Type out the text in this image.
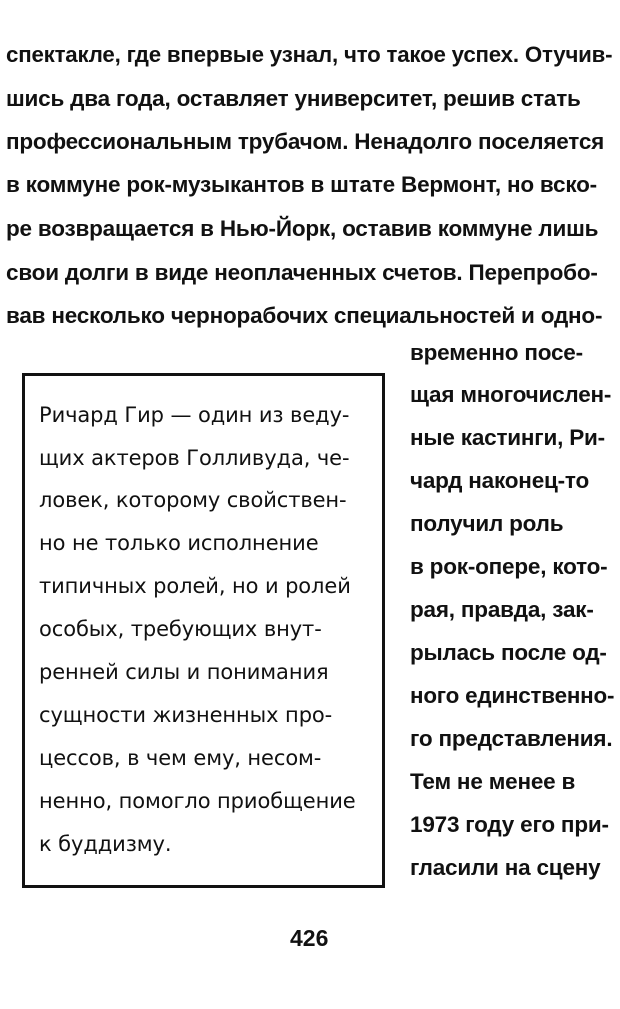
спектакле, где впервые узнал, что такое успех. Отучив-
шись два года, оставляет университет, решив стать
профессиональным трубачом. Ненадолго поселяется
в коммуне рок-музыкантов в штате Вермонт, но вско-
ре возвращается в Нью-Йорк, оставив коммуне лишь
свои долги в виде неоплаченных счетов. Перепробо-
вав несколько чернорабочих специальностей и одно-
временно посе-
щая многочислен-
ные кастинги, Ри-
чард наконец-то
получил роль
в рок-опере, кото-
рая, правда, зак-
рылась после од-
ного единственно-
го представления.
Тем не менее в
1973 году его при-
гласили на сцену
Ричард Гир — один из веду-
щих актеров Голливуда, че-
ловек, которому свойствен-
но не только исполнение
типичных ролей, но и ролей
особых, требующих внут-
ренней силы и понимания
сущности жизненных про-
цессов, в чем ему, несом-
ненно, помогло приобщение
к буддизму.
426
